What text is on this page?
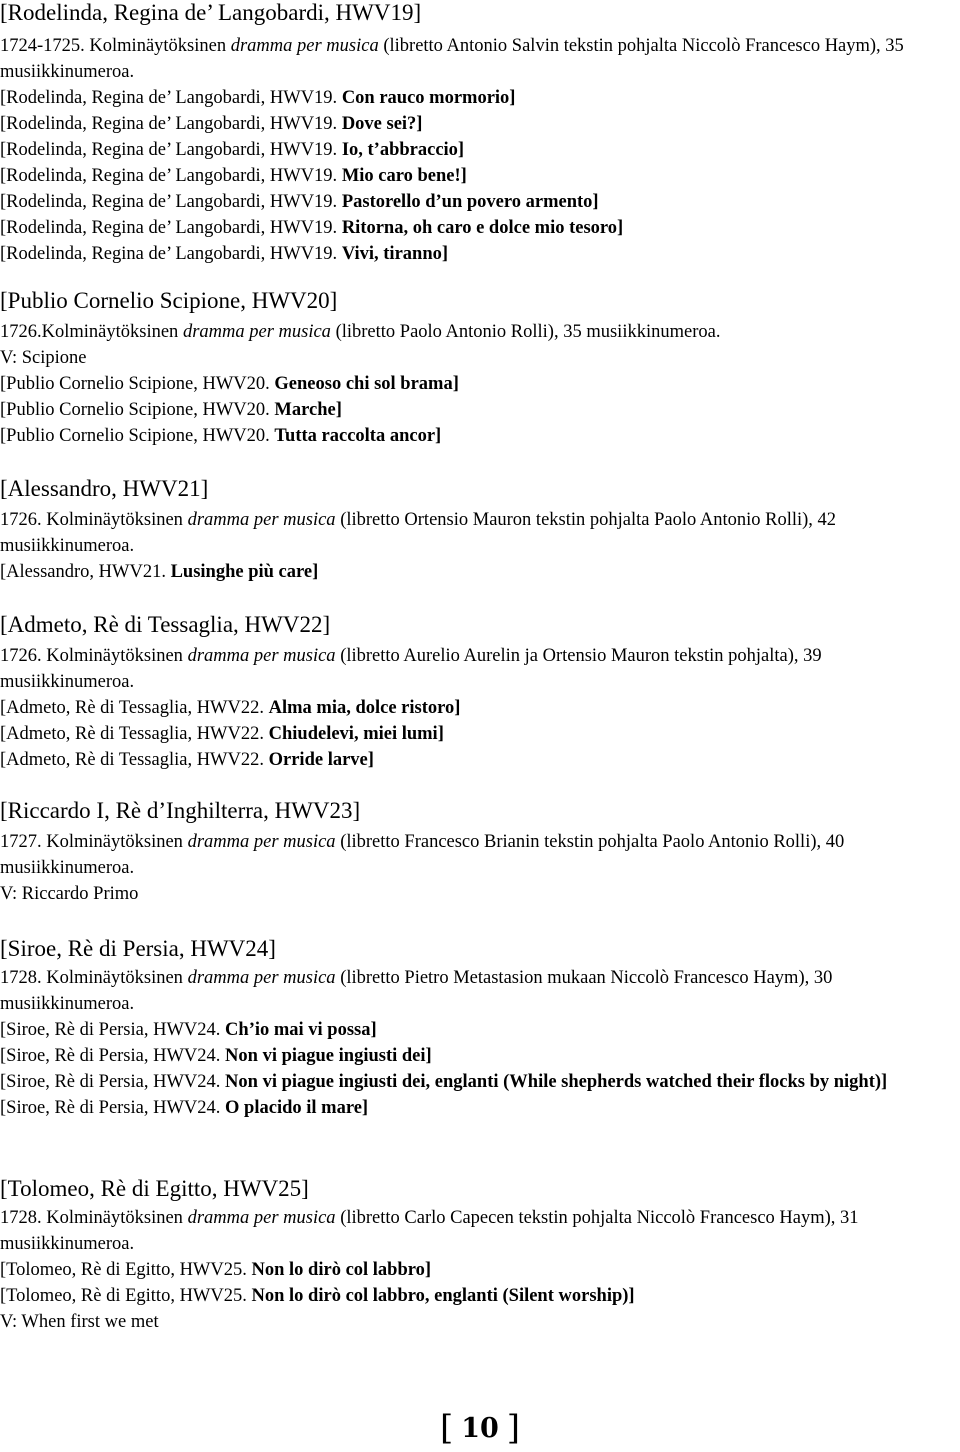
[Rodelinda, Regina de’ Langobardi, HWV19]

1724-1725. Kolminäytöksinen dramma per musica (libretto Antonio Salvin tekstin pohjalta Niccolò Francesco Haym), 35 musiikkinumeroa.

[Rodelinda, Regina de’ Langobardi, HWV19. Con rauco mormorio]
[Rodelinda, Regina de’ Langobardi, HWV19. Dove sei?]
[Rodelinda, Regina de’ Langobardi, HWV19. Io, t’abbraccio]
[Rodelinda, Regina de’ Langobardi, HWV19. Mio caro bene!]
[Rodelinda, Regina de’ Langobardi, HWV19. Pastorello d’un povero armento]
[Rodelinda, Regina de’ Langobardi, HWV19. Ritorna, oh caro e dolce mio tesoro]
[Rodelinda, Regina de’ Langobardi, HWV19. Vivi, tiranno]
[Publio Cornelio Scipione, HWV20]

1726.Kolminäytöksinen dramma per musica (libretto Paolo Antonio Rolli), 35 musiikkinumeroa.

V: Scipione
[Publio Cornelio Scipione, HWV20. Geneoso chi sol brama]
[Publio Cornelio Scipione, HWV20. Marche]
[Publio Cornelio Scipione, HWV20. Tutta raccolta ancor]
[Alessandro, HWV21]

1726. Kolminäytöksinen dramma per musica (libretto Ortensio Mauron tekstin pohjalta Paolo Antonio Rolli), 42 musiikkinumeroa.

[Alessandro, HWV21. Lusinghe più care]
[Admeto, Rè di Tessaglia, HWV22]

1726. Kolminäytöksinen dramma per musica (libretto Aurelio Aurelin ja Ortensio Mauron tekstin pohjalta), 39 musiikkinumeroa.

[Admeto, Rè di Tessaglia, HWV22. Alma mia, dolce ristoro]
[Admeto, Rè di Tessaglia, HWV22. Chiudelevi, miei lumi]
[Admeto, Rè di Tessaglia, HWV22. Orride larve]
[Riccardo I, Rè d’Inghilterra, HWV23]

1727. Kolminäytöksinen dramma per musica (libretto Francesco Brianin tekstin pohjalta Paolo Antonio Rolli), 40 musiikkinumeroa.

V: Riccardo Primo
[Siroe, Rè di Persia, HWV24]

1728. Kolminäytöksinen dramma per musica (libretto Pietro Metastasion mukaan Niccolò Francesco Haym), 30 musiikkinumeroa.

[Siroe, Rè di Persia, HWV24. Ch’io mai vi possa]
[Siroe, Rè di Persia, HWV24. Non vi piague ingiusti dei]
[Siroe, Rè di Persia, HWV24. Non vi piague ingiusti dei, englanti (While shepherds watched their flocks by night)]
[Siroe, Rè di Persia, HWV24. O placido il mare]
[Tolomeo, Rè di Egitto, HWV25]

1728. Kolminäytöksinen dramma per musica (libretto Carlo Capecen tekstin pohjalta Niccolò Francesco Haym), 31 musiikkinumeroa.

[Tolomeo, Rè di Egitto, HWV25. Non lo dirò col labbro]
[Tolomeo, Rè di Egitto, HWV25. Non lo dirò col labbro, englanti (Silent worship)]
V: When first we met
[ 10 ]
